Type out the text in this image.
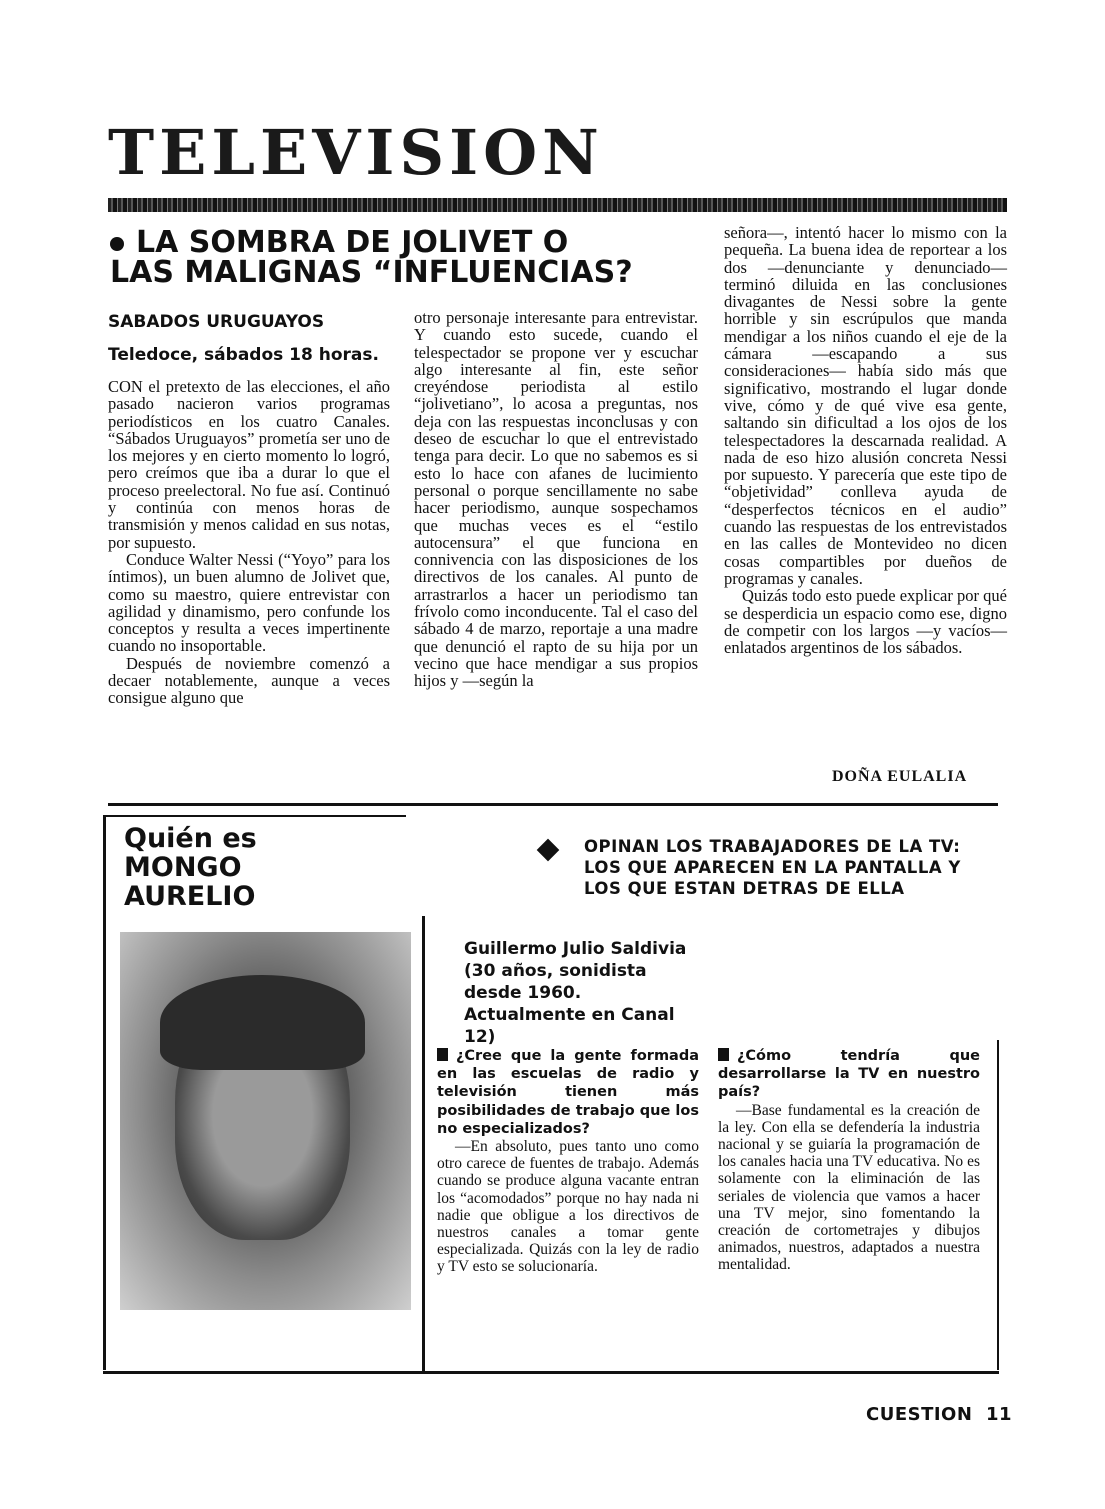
TELEVISION
LA SOMBRA DE JOLIVET O
LAS MALIGNAS “INFLUENCIAS?
SABADOS URUGUAYOS
Teledoce, sábados 18 horas.

CON el pretexto de las elecciones, el año pasado nacieron varios programas periodísticos en los cuatro Canales. “Sábados Uruguayos” prometía ser uno de los mejores y en cierto momento lo logró, pero creímos que iba a durar lo que el proceso preelectoral. No fue así. Continuó y continúa con menos horas de transmisión y menos calidad en sus notas, por supuesto.

Conduce Walter Nessi (“Yoyo” para los íntimos), un buen alumno de Jolivet que, como su maestro, quiere entrevistar con agilidad y dinamismo, pero confunde los conceptos y resulta a veces impertinente cuando no insoportable.

Después de noviembre comenzó a decaer notablemente, aunque a veces consigue alguno que

otro personaje interesante para entrevistar. Y cuando esto sucede, cuando el telespectador se propone ver y escuchar algo interesante al fin, este señor creyéndose periodista al estilo “jolivetiano”, lo acosa a preguntas, nos deja con las respuestas inconclusas y con deseo de escuchar lo que el entrevistado tenga para decir. Lo que no sabemos es si esto lo hace con afanes de lucimiento personal o porque sencillamente no sabe hacer periodismo, aunque sospechamos que muchas veces es el “estilo autocensura” el que funciona en connivencia con las disposiciones de los directivos de los canales. Al punto de arrastrarlos a hacer un periodismo tan frívolo como inconducente. Tal el caso del sábado 4 de marzo, reportaje a una madre que denunció el rapto de su hija por un vecino que hace mendigar a sus propios hijos y —según la

señora—, intentó hacer lo mismo con la pequeña. La buena idea de reportear a los dos —denunciante y denunciado— terminó diluida en las conclusiones divagantes de Nessi sobre la gente horrible y sin escrúpulos que manda mendigar a los niños cuando el eje de la cámara —escapando a sus consideraciones— había sido más que significativo, mostrando el lugar donde vive, cómo y de qué vive esa gente, saltando sin dificultad a los ojos de los telespectadores la descarnada realidad. A nada de eso hizo alusión concreta Nessi por supuesto. Y parecería que este tipo de “objetividad” conlleva ayuda de “desperfectos técnicos en el audio” cuando las respuestas de los entrevistados en las calles de Montevideo no dicen cosas compartibles por dueños de programas y canales.

Quizás todo esto puede explicar por qué se desperdicia un espacio como ese, digno de competir con los largos —y vacíos— enlatados argentinos de los sábados.

DOÑA EULALIA
Quién es
MONGO
AURELIO
OPINAN LOS TRABAJADORES DE LA TV:
LOS QUE APARECEN EN LA PANTALLA Y
LOS QUE ESTAN DETRAS DE ELLA
Guillermo Julio Saldivia (30 años, sonidista desde 1960. Actualmente en Canal 12)

¿Cree que la gente formada en las escuelas de radio y televisión tienen más posibilidades de trabajo que los no especializados?

—En absoluto, pues tanto uno como otro carece de fuentes de trabajo. Además cuando se produce alguna vacante entran los “acomodados” porque no hay nada ni nadie que obligue a los directivos de nuestros canales a tomar gente especializada. Quizás con la ley de radio y TV esto se solucionaría.

¿Cómo tendría que desarrollarse la TV en nuestro país?

—Base fundamental es la creación de la ley. Con ella se defendería la industria nacional y se guiaría la programación de los canales hacia una TV educativa. No es solamente con la eliminación de las seriales de violencia que vamos a hacer una TV mejor, sino fomentando la creación de cortometrajes y dibujos animados, nuestros, adaptados a nuestra mentalidad.

CUESTION 11
